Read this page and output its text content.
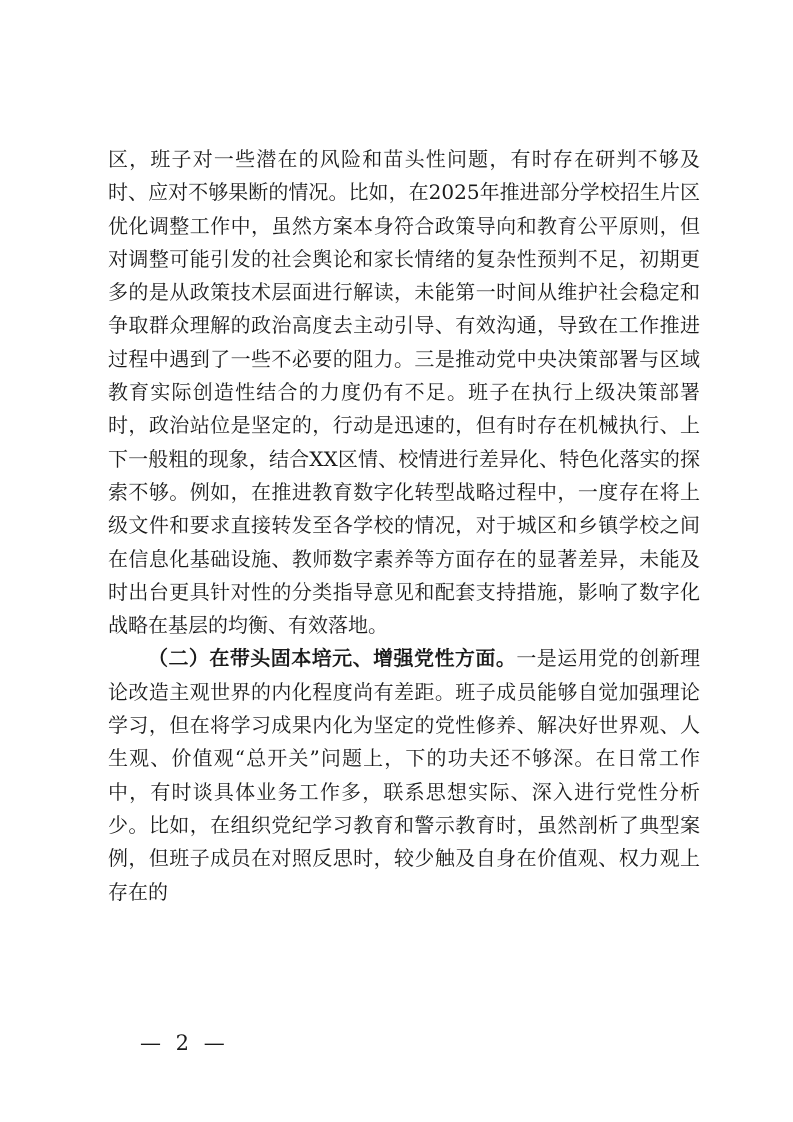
区，班子对一些潜在的风险和苗头性问题，有时存在研判不够及时、应对不够果断的情况。比如，在2025年推进部分学校招生片区优化调整工作中，虽然方案本身符合政策导向和教育公平原则，但对调整可能引发的社会舆论和家长情绪的复杂性预判不足，初期更多的是从政策技术层面进行解读，未能第一时间从维护社会稳定和争取群众理解的政治高度去主动引导、有效沟通，导致在工作推进过程中遇到了一些不必要的阻力。三是推动党中央决策部署与区域教育实际创造性结合的力度仍有不足。班子在执行上级决策部署时，政治站位是坚定的，行动是迅速的，但有时存在机械执行、上下一般粗的现象，结合XX区情、校情进行差异化、特色化落实的探索不够。例如，在推进教育数字化转型战略过程中，一度存在将上级文件和要求直接转发至各学校的情况，对于城区和乡镇学校之间在信息化基础设施、教师数字素养等方面存在的显著差异，未能及时出台更具针对性的分类指导意见和配套支持措施，影响了数字化战略在基层的均衡、有效落地。

（二）在带头固本培元、增强党性方面。一是运用党的创新理论改造主观世界的内化程度尚有差距。班子成员能够自觉加强理论学习，但在将学习成果内化为坚定的党性修养、解决好世界观、人生观、价值观“总开关”问题上，下的功夫还不够深。在日常工作中，有时谈具体业务工作多，联系思想实际、深入进行党性分析少。比如，在组织党纪学习教育和警示教育时，虽然剖析了典型案例，但班子成员在对照反思时，较少触及自身在价值观、权力观上存在的

— 2 —
